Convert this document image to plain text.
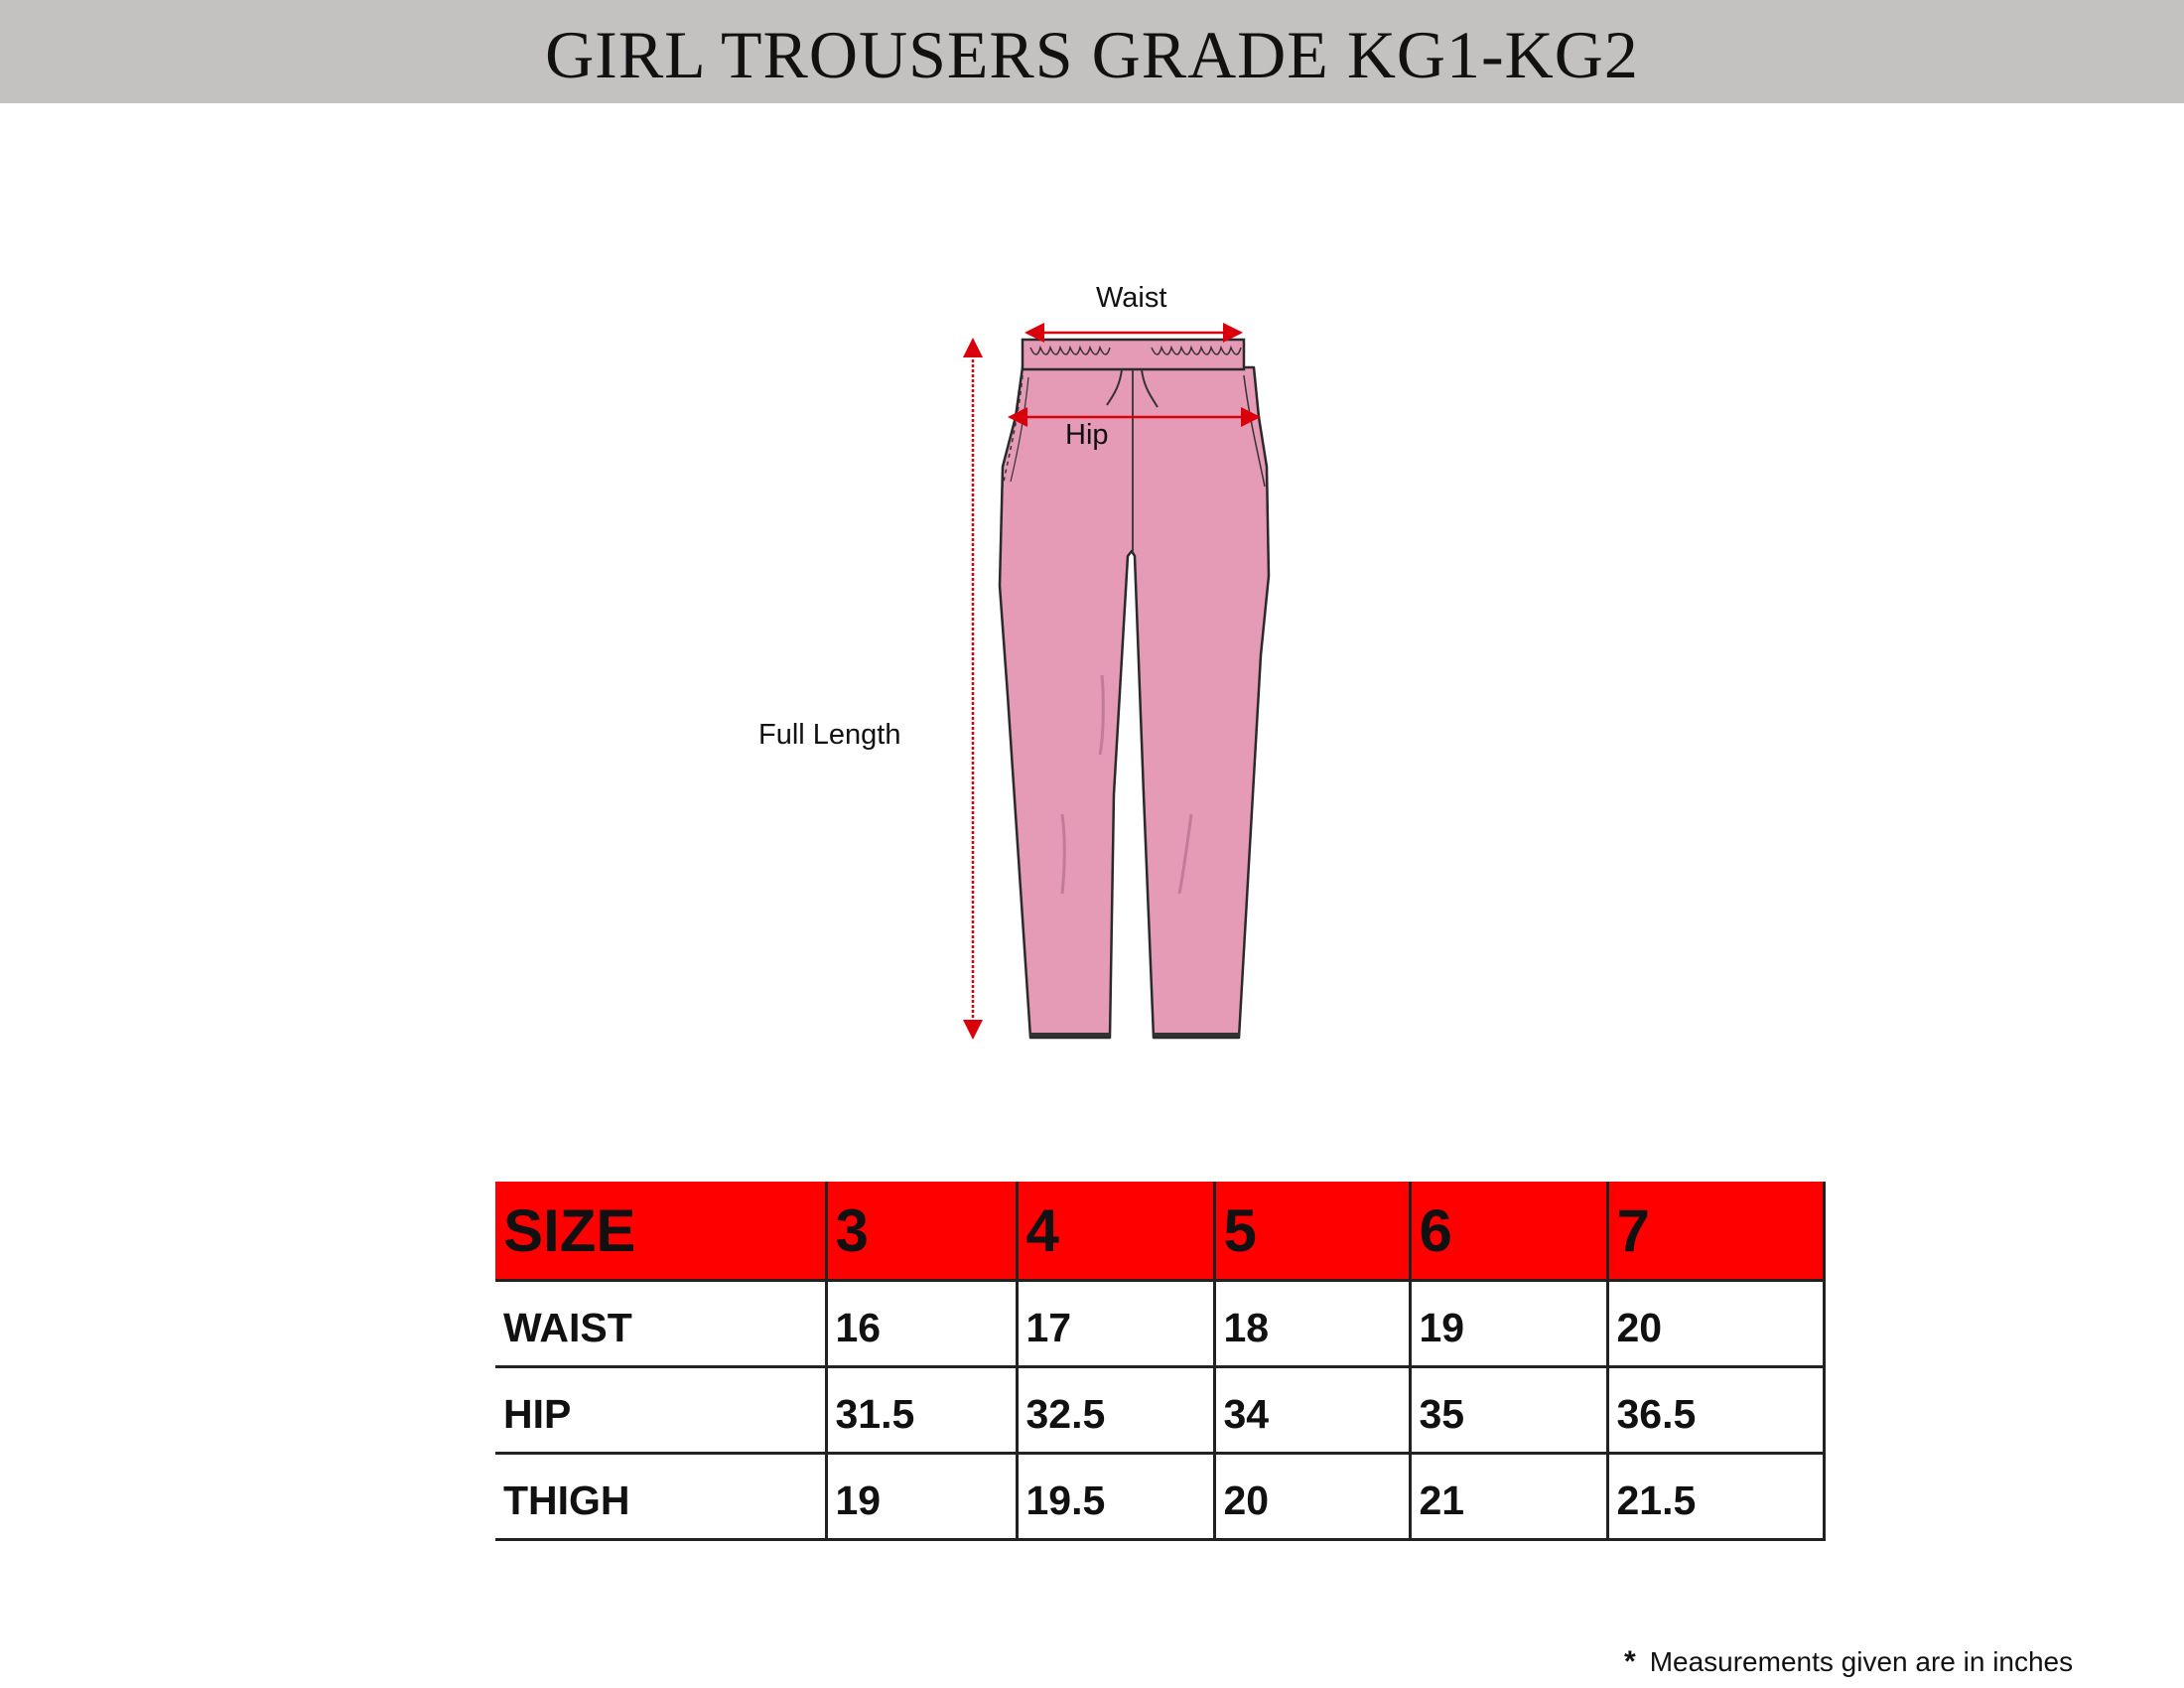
GIRL TROUSERS GRADE KG1-KG2
Waist
Hip
Full Length
SIZE	3	4	5	6	7
WAIST	16	17	18	19	20
HIP	31.5	32.5	34	35	36.5
THIGH	19	19.5	20	21	21.5
* Measurements given are in inches
